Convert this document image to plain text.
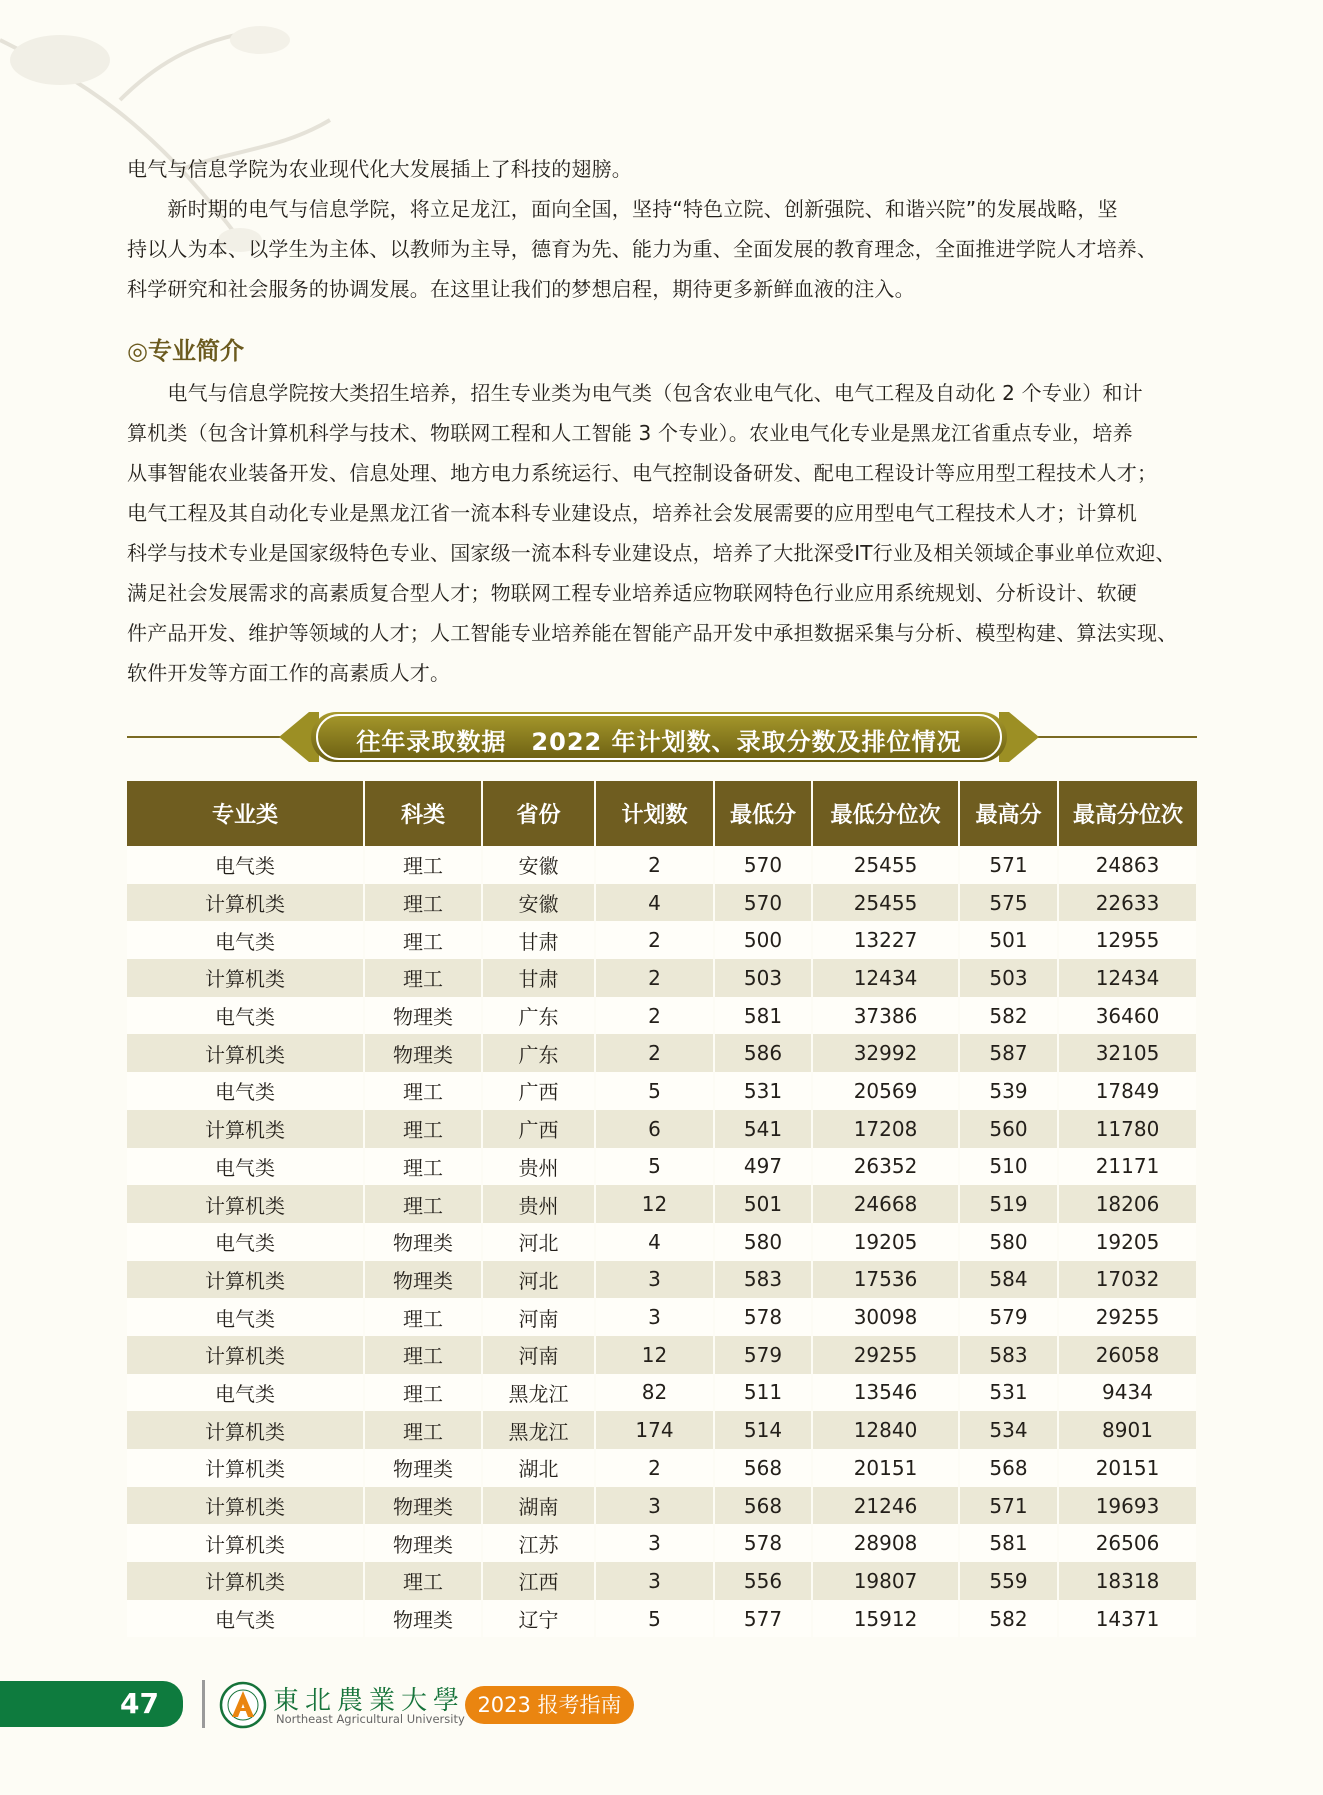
电气与信息学院为农业现代化大发展插上了科技的翅膀。
　　新时期的电气与信息学院，将立足龙江，面向全国，坚持“特色立院、创新强院、和谐兴院”的发展战略，坚
持以人为本、以学生为主体、以教师为主导，德育为先、能力为重、全面发展的教育理念，全面推进学院人才培养、
科学研究和社会服务的协调发展。在这里让我们的梦想启程，期待更多新鲜血液的注入。
◎专业简介
　　电气与信息学院按大类招生培养，招生专业类为电气类（包含农业电气化、电气工程及自动化 2 个专业）和计
算机类（包含计算机科学与技术、物联网工程和人工智能 3 个专业）。农业电气化专业是黑龙江省重点专业，培养
从事智能农业装备开发、信息处理、地方电力系统运行、电气控制设备研发、配电工程设计等应用型工程技术人才；
电气工程及其自动化专业是黑龙江省一流本科专业建设点，培养社会发展需要的应用型电气工程技术人才；计算机
科学与技术专业是国家级特色专业、国家级一流本科专业建设点，培养了大批深受IT行业及相关领域企事业单位欢迎、
满足社会发展需求的高素质复合型人才；物联网工程专业培养适应物联网特色行业应用系统规划、分析设计、软硬
件产品开发、维护等领域的人才；人工智能专业培养能在智能产品开发中承担数据采集与分析、模型构建、算法实现、
软件开发等方面工作的高素质人才。
往年录取数据　2022 年计划数、录取分数及排位情况
专业类	科类	省份	计划数	最低分	最低分位次	最高分	最高分位次
电气类	理工	安徽	2	570	25455	571	24863
计算机类	理工	安徽	4	570	25455	575	22633
电气类	理工	甘肃	2	500	13227	501	12955
计算机类	理工	甘肃	2	503	12434	503	12434
电气类	物理类	广东	2	581	37386	582	36460
计算机类	物理类	广东	2	586	32992	587	32105
电气类	理工	广西	5	531	20569	539	17849
计算机类	理工	广西	6	541	17208	560	11780
电气类	理工	贵州	5	497	26352	510	21171
计算机类	理工	贵州	12	501	24668	519	18206
电气类	物理类	河北	4	580	19205	580	19205
计算机类	物理类	河北	3	583	17536	584	17032
电气类	理工	河南	3	578	30098	579	29255
计算机类	理工	河南	12	579	29255	583	26058
电气类	理工	黑龙江	82	511	13546	531	9434
计算机类	理工	黑龙江	174	514	12840	534	8901
计算机类	物理类	湖北	2	568	20151	568	20151
计算机类	物理类	湖南	3	568	21246	571	19693
计算机类	物理类	江苏	3	578	28908	581	26506
计算机类	理工	江西	3	556	19807	559	18318
电气类	物理类	辽宁	5	577	15912	582	14371
47	東北農業大學
Northeast Agricultural University
2023 报考指南
